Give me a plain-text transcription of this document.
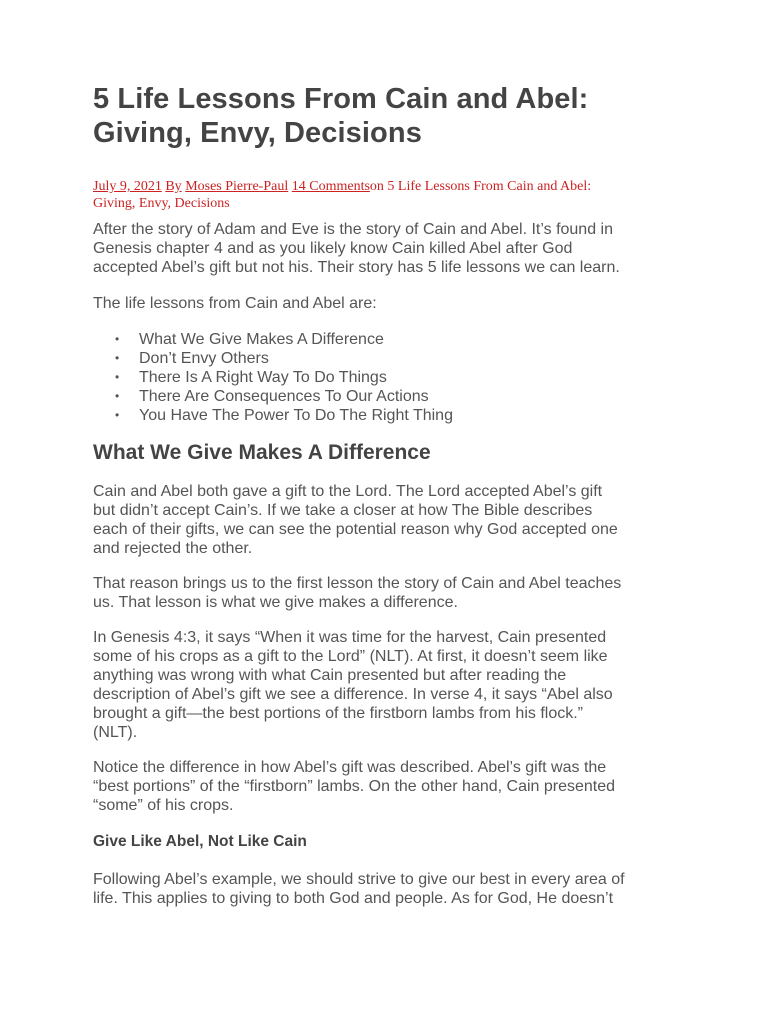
5 Life Lessons From Cain and Abel:
Giving, Envy, Decisions
July 9, 2021 By Moses Pierre-Paul 14 Commentson 5 Life Lessons From Cain and Abel:
Giving, Envy, Decisions

After the story of Adam and Eve is the story of Cain and Abel. It’s found in
Genesis chapter 4 and as you likely know Cain killed Abel after God
accepted Abel’s gift but not his. Their story has 5 life lessons we can learn.

The life lessons from Cain and Abel are:

• What We Give Makes A Difference
• Don’t Envy Others
• There Is A Right Way To Do Things
• There Are Consequences To Our Actions
• You Have The Power To Do The Right Thing
What We Give Makes A Difference

Cain and Abel both gave a gift to the Lord. The Lord accepted Abel’s gift
but didn’t accept Cain’s. If we take a closer at how The Bible describes
each of their gifts, we can see the potential reason why God accepted one
and rejected the other.

That reason brings us to the first lesson the story of Cain and Abel teaches
us. That lesson is what we give makes a difference.

In Genesis 4:3, it says “When it was time for the harvest, Cain presented
some of his crops as a gift to the Lord” (NLT). At first, it doesn’t seem like
anything was wrong with what Cain presented but after reading the
description of Abel’s gift we see a difference. In verse 4, it says “Abel also
brought a gift—the best portions of the firstborn lambs from his flock.”
(NLT).

Notice the difference in how Abel’s gift was described. Abel’s gift was the
“best portions” of the “firstborn” lambs. On the other hand, Cain presented
“some” of his crops.

Give Like Abel, Not Like Cain

Following Abel’s example, we should strive to give our best in every area of
life. This applies to giving to both God and people. As for God, He doesn’t
